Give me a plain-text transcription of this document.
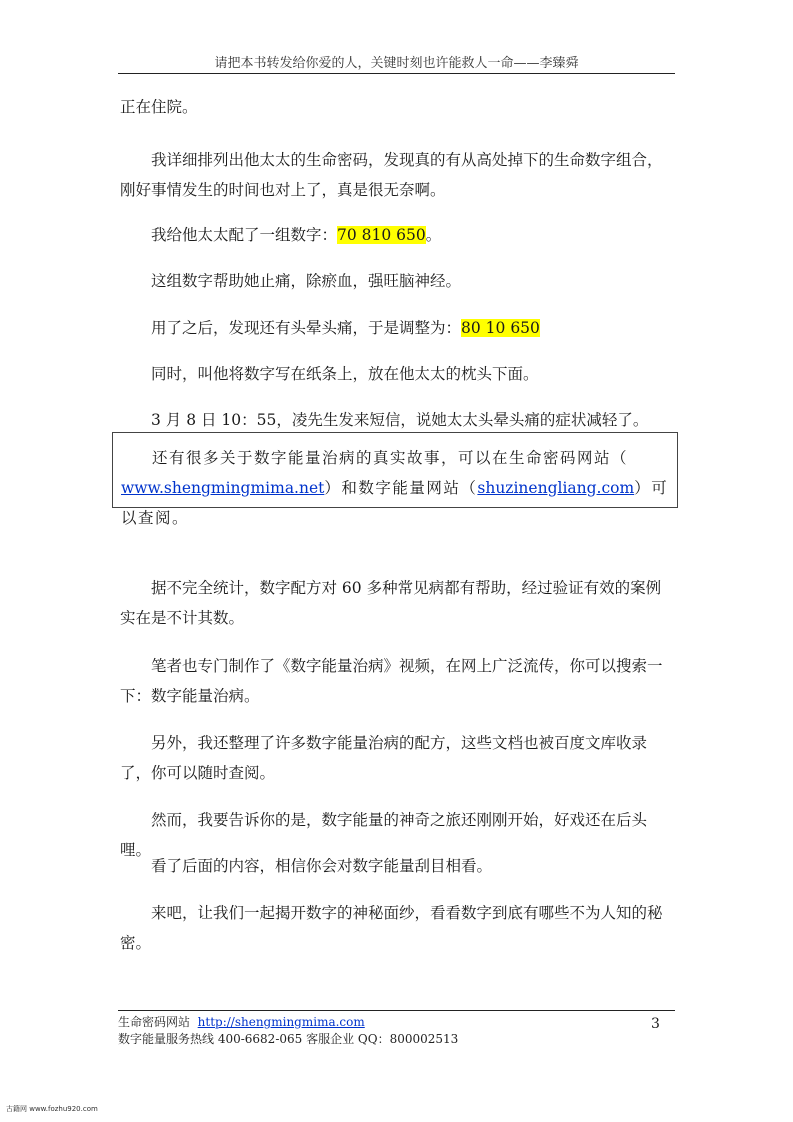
请把本书转发给你爱的人，关键时刻也许能救人一命——李臻舜

正在住院。

我详细排列出他太太的生命密码，发现真的有从高处掉下的生命数字组合，刚好事情发生的时间也对上了，真是很无奈啊。

我给他太太配了一组数字：70 810 650。

这组数字帮助她止痛，除瘀血，强旺脑神经。

用了之后，发现还有头晕头痛，于是调整为：80 10 650

同时，叫他将数字写在纸条上，放在他太太的枕头下面。

3 月 8 日 10：55，凌先生发来短信，说她太太头晕头痛的症状减轻了。

还有很多关于数字能量治病的真实故事，可以在生命密码网站（

www.shengmingmima.net）和数字能量网站（shuzinengliang.com）可以查阅。

据不完全统计，数字配方对 60 多种常见病都有帮助，经过验证有效的案例实在是不计其数。

笔者也专门制作了《数字能量治病》视频，在网上广泛流传，你可以搜索一下：数字能量治病。

另外，我还整理了许多数字能量治病的配方，这些文档也被百度文库收录了，你可以随时查阅。

然而，我要告诉你的是，数字能量的神奇之旅还刚刚开始，好戏还在后头哩。

看了后面的内容，相信你会对数字能量刮目相看。

来吧，让我们一起揭开数字的神秘面纱，看看数字到底有哪些不为人知的秘密。

生命密码网站 http://shengmingmima.com
数字能量服务热线 400-6682-065 客服企业 QQ：800002513
3
古籍网 www.fozhu920.com
